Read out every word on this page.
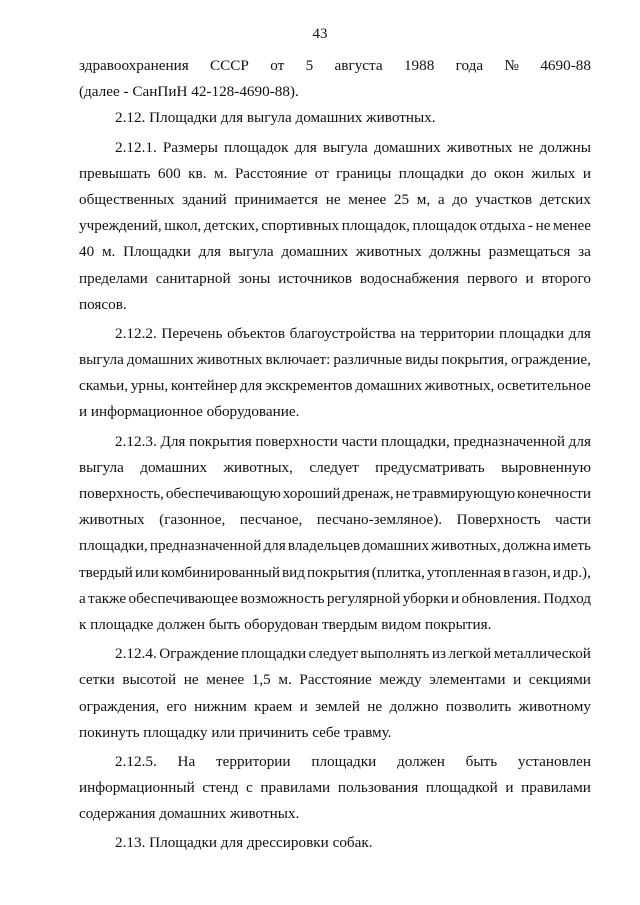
43
здравоохранения СССР от 5 августа 1988 года № 4690-88
(далее - СанПиН 42-128-4690-88).
2.12. Площадки для выгула домашних животных.
2.12.1. Размеры площадок для выгула домашних животных не должны
превышать 600 кв. м. Расстояние от границы площадки до окон жилых и
общественных зданий принимается не менее 25 м, а до участков детских
учреждений, школ, детских, спортивных площадок, площадок отдыха - не менее
40 м. Площадки для выгула домашних животных должны размещаться за
пределами санитарной зоны источников водоснабжения первого и второго
поясов.
2.12.2. Перечень объектов благоустройства на территории площадки для
выгула домашних животных включает: различные виды покрытия, ограждение,
скамьи, урны, контейнер для экскрементов домашних животных, осветительное
и информационное оборудование.
2.12.3. Для покрытия поверхности части площадки, предназначенной для
выгула домашних животных, следует предусматривать выровненную
поверхность, обеспечивающую хороший дренаж, не травмирующую конечности
животных (газонное, песчаное, песчано-земляное). Поверхность части
площадки, предназначенной для владельцев домашних животных, должна иметь
твердый или комбинированный вид покрытия (плитка, утопленная в газон, и др.),
а также обеспечивающее возможность регулярной уборки и обновления. Подход
к площадке должен быть оборудован твердым видом покрытия.
2.12.4. Ограждение площадки следует выполнять из легкой металлической
сетки высотой не менее 1,5 м. Расстояние между элементами и секциями
ограждения, его нижним краем и землей не должно позволить животному
покинуть площадку или причинить себе травму.
2.12.5. На территории площадки должен быть установлен
информационный стенд с правилами пользования площадкой и правилами
содержания домашних животных.
2.13. Площадки для дрессировки собак.
